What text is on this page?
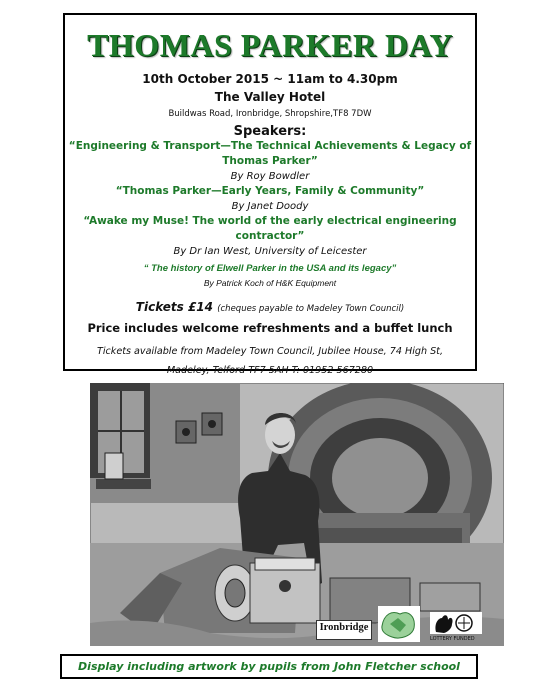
THOMAS PARKER DAY
10th October 2015 ~ 11am to 4.30pm
The Valley Hotel
Buildwas Road, Ironbridge, Shropshire,TF8 7DW
Speakers:
“Engineering & Transport—The Technical Achievements & Legacy of Thomas Parker”
By Roy Bowdler
“Thomas Parker—Early Years, Family & Community”
By Janet Doody
“Awake my Muse! The world of the early electrical engineering contractor”
By Dr Ian West, University of Leicester
“ The history of Elwell Parker in the USA and its legacy”
By Patrick Koch of H&K Equipment
Tickets £14 (cheques payable to Madeley Town Council)
Price includes welcome refreshments and a buffet lunch
Tickets available from Madeley Town Council, Jubilee House, 74 High St,
Madeley, Telford TF7 5AH T: 01952 567280
Ironbridge
LOTTERY FUNDED
Display including artwork by pupils from John Fletcher school
